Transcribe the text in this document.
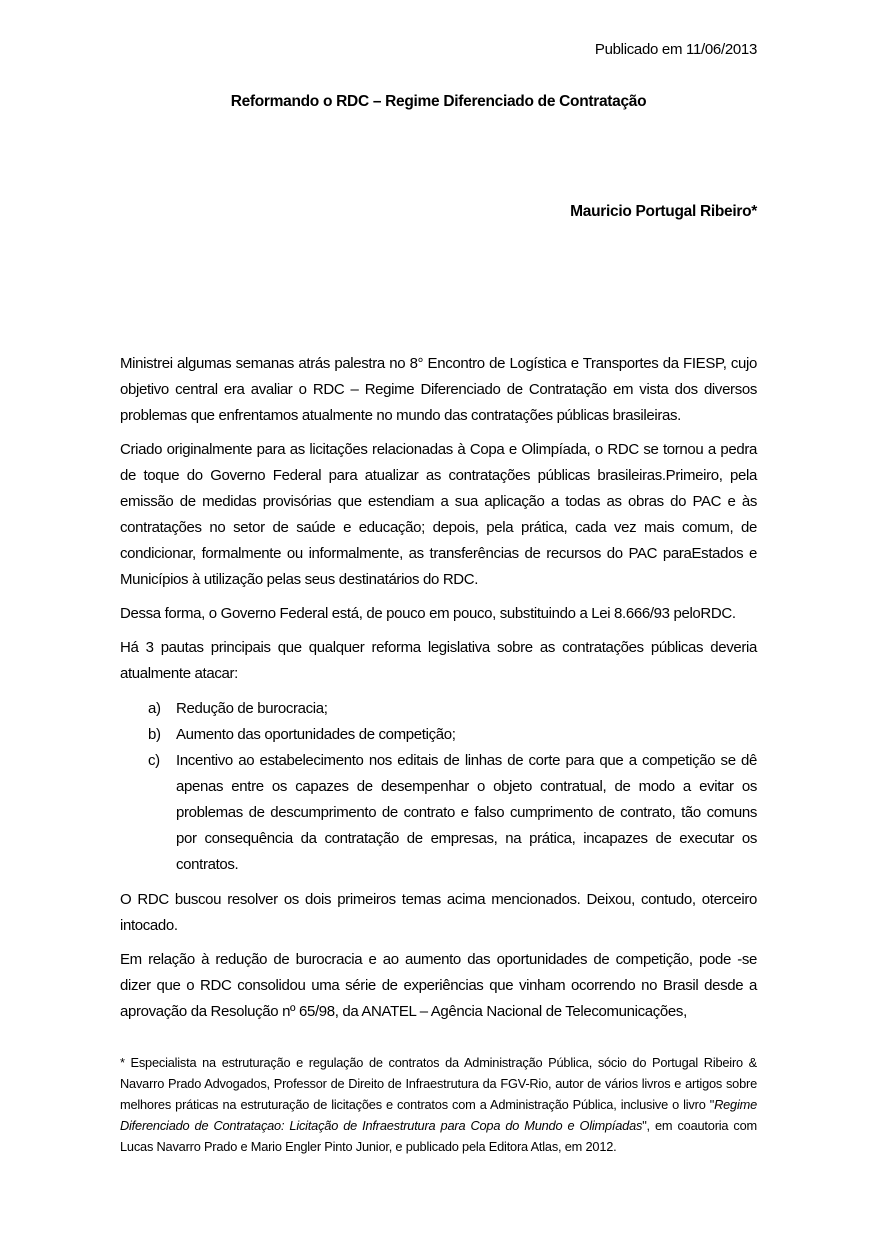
Publicado em 11/06/2013
Reformando o RDC – Regime Diferenciado de Contratação
Mauricio Portugal Ribeiro*

Ministrei algumas semanas atrás palestra no 8° Encontro de Logística e Transportes da FIESP, cujo objetivo central era avaliar o RDC – Regime Diferenciado de Contratação em vista dos diversos problemas que enfrentamos atualmente no mundo das contratações públicas brasileiras.

Criado originalmente para as licitações relacionadas à Copa e Olimpíada, o RDC se tornou a pedra de toque do Governo Federal para atualizar as contratações públicas brasileiras.Primeiro, pela emissão de medidas provisórias que estendiam a sua aplicação a todas as obras do PAC e às contratações no setor de saúde e educação; depois, pela prática, cada vez mais comum, de condicionar, formalmente ou informalmente, as transferências de recursos do PAC paraEstados e Municípios à utilização pelas seus destinatários do RDC.

Dessa forma, o Governo Federal está, de pouco em pouco, substituindo a Lei 8.666/93 peloRDC.

Há 3 pautas principais que qualquer reforma legislativa sobre as contratações públicas deveria atualmente atacar:

a)	Redução de burocracia;
b)	Aumento das oportunidades de competição;
c)	Incentivo ao estabelecimento nos editais de linhas de corte para que a competição se dê apenas entre os capazes de desempenhar o objeto contratual, de modo a evitar os problemas de descumprimento de contrato e falso cumprimento de contrato, tão comuns por consequência da contratação de empresas, na prática, incapazes de executar os contratos.

O RDC buscou resolver os dois primeiros temas acima mencionados. Deixou, contudo, oterceiro intocado.

Em relação à redução de burocracia e ao aumento das oportunidades de competição, pode -se dizer que o RDC consolidou uma série de experiências que vinham ocorrendo no Brasil desde a aprovação da Resolução nº 65/98, da ANATEL – Agência Nacional de Telecomunicações,

* Especialista na estruturação e regulação de contratos da Administração Pública, sócio do Portugal Ribeiro & Navarro Prado Advogados, Professor de Direito de Infraestrutura da FGV-Rio, autor de vários livros e artigos sobre melhores práticas na estruturação de licitações e contratos com a Administração Pública, inclusive o livro "Regime Diferenciado de Contrataçao: Licitação de Infraestrutura para Copa do Mundo e Olimpíadas", em coautoria com Lucas Navarro Prado e Mario Engler Pinto Junior, e publicado pela Editora Atlas, em 2012.
